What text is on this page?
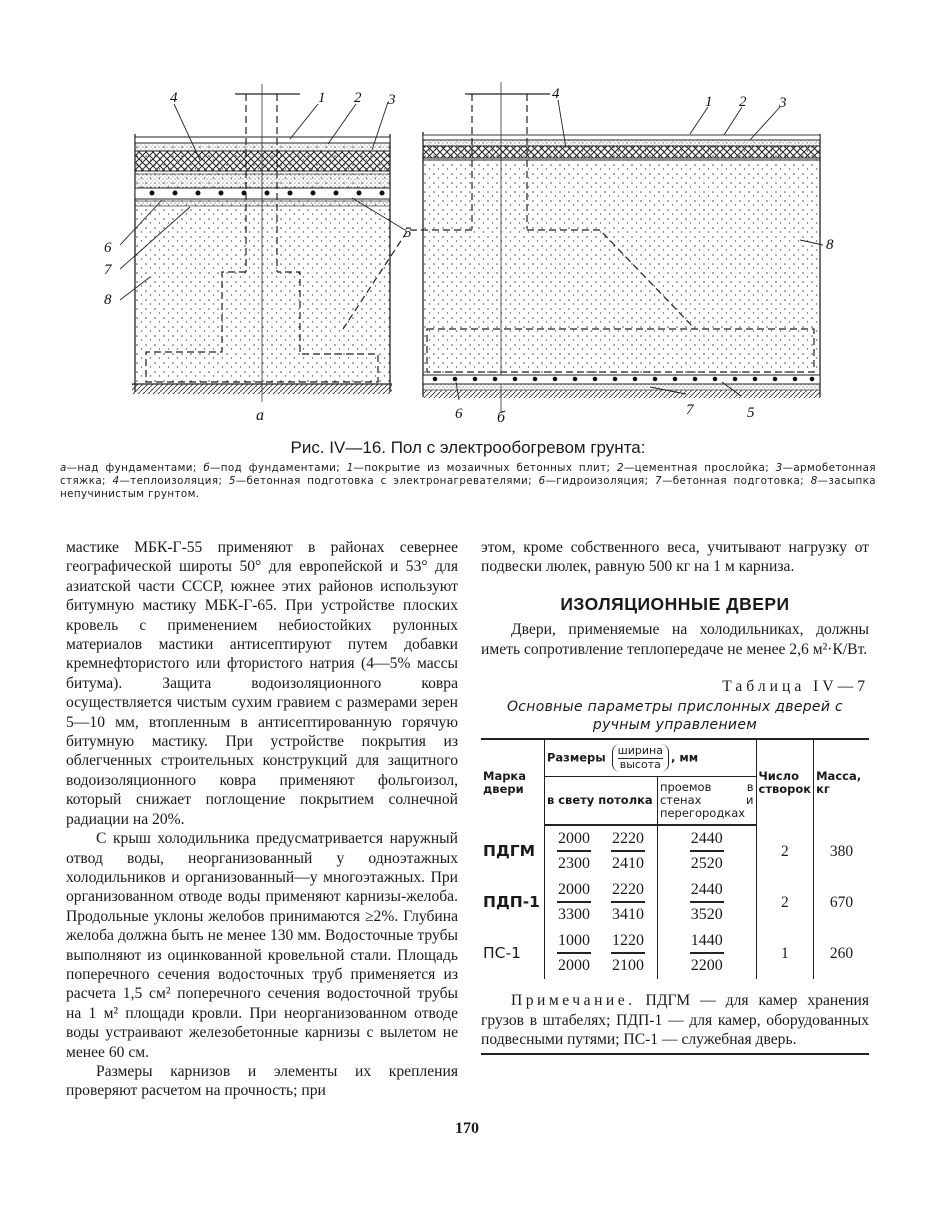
4	1 2 3
5
6
7
8
а
4	1 2 3
8
6	7	5
б
Рис. IV—16. Пол с электрообогревом грунта:
а—над фундаментами; б—под фундаментами; 1—покрытие из мозаичных бетонных плит; 2—цементная прослойка; 3—армобетонная стяжка; 4—теплоизоляция; 5—бетонная подготовка с электронагревателями; 6—гидроизоляция; 7—бетонная подготовка; 8—засыпка непучинистым грунтом.

мастике МБК-Г-55 применяют в районах севернее географической широты 50° для европейской и 53° для азиатской части СССР, южнее этих районов используют битумную мастику МБК-Г-65. При устройстве плоских кровель с применением небиостойких рулонных материалов мастики антисептируют путем добавки кремнефтористого или фтористого натрия (4—5% массы битума). Защита водоизоляционного ковра осуществляется чистым сухим гравием с размерами зерен 5—10 мм, втопленным в антисептированную горячую битумную мастику. При устройстве покрытия из облегченных строительных конструкций для защитного водоизоляционного ковра применяют фольгоизол, который снижает поглощение покрытием солнечной радиации на 20%.

С крыш холодильника предусматривается наружный отвод воды, неорганизованный у одноэтажных холодильников и организованный—у многоэтажных. При организованном отводе воды применяют карнизы-желоба. Продольные уклоны желобов принимаются ≥2%. Глубина желоба должна быть не менее 130 мм. Водосточные трубы выполняют из оцинкованной кровельной стали. Площадь поперечного сечения водосточных труб применяется из расчета 1,5 см² поперечного сечения водосточной трубы на 1 м² площади кровли. При неорганизованном отводе воды устраивают железобетонные карнизы с вылетом не менее 60 см.

Размеры карнизов и элементы их крепления проверяют расчетом на прочность; при

этом, кроме собственного веса, учитывают нагрузку от подвески люлек, равную 500 кг на 1 м карниза.

ИЗОЛЯЦИОННЫЕ ДВЕРИ

Двери, применяемые на холодильниках, должны иметь сопротивление теплопередаче не менее 2,6 м²·К/Вт.

Таблица IV—7
Основные параметры прислонных дверей с ручным управлением
Марка двери	Размеры $\frac{\text{ширина}}{\text{высота}}$ , мм		Число створок	Масса, кг
	в свету потолка	проемов в стенах и перегородках		
ПДГМ	$\frac{2000}{2300} \frac{2220}{2410}$	$\frac{2440}{2520}$	2	380
ПДП-1	$\frac{2000}{3300} \frac{2220}{3410}$	$\frac{2440}{3520}$	2	670
ПС-1	$\frac{1000}{2000} \frac{1220}{2100}$	$\frac{1440}{2200}$	1	260
Примечание. ПДГМ — для камер хранения грузов в штабелях; ПДП-1 — для камер, оборудованных подвесными путями; ПС-1 — служебная дверь.
170
